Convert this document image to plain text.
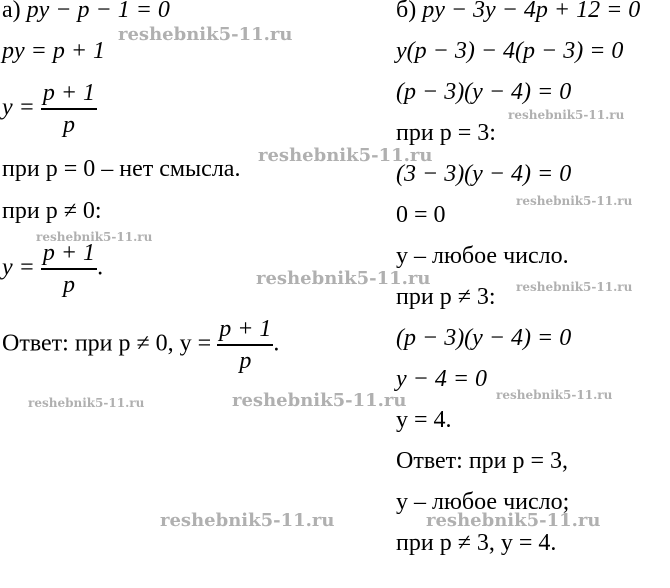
а) py − p − 1 = 0
py = p + 1
$y = \frac{p + 1}{p}$
при p = 0 – нет смысла.
при p ≠ 0:
$y = \frac{p + 1}{p}$ .
Ответ: при p ≠ 0, $y = \frac{p + 1}{p}$ .
б) py − 3y − 4p + 12 = 0
y(p − 3) − 4(p − 3) = 0
(p − 3)(y − 4) = 0
при p = 3:
(3 − 3)(y − 4) = 0
0 = 0
y – любое число.
при p ≠ 3:
(p − 3)(y − 4) = 0
y − 4 = 0
y = 4.
Ответ: при p = 3,
y – любое число;
при p ≠ 3, y = 4.
reshebnik5-11.ru
reshebnik5-11.ru
reshebnik5-11.ru
reshebnik5-11.ru
reshebnik5-11.ru	reshebnik5-11.ru
reshebnik5-11.ru
reshebnik5-11.ru
reshebnik5-11.ru
reshebnik5-11.ru
reshebnik5-11.ru
reshebnik5-11.ru
